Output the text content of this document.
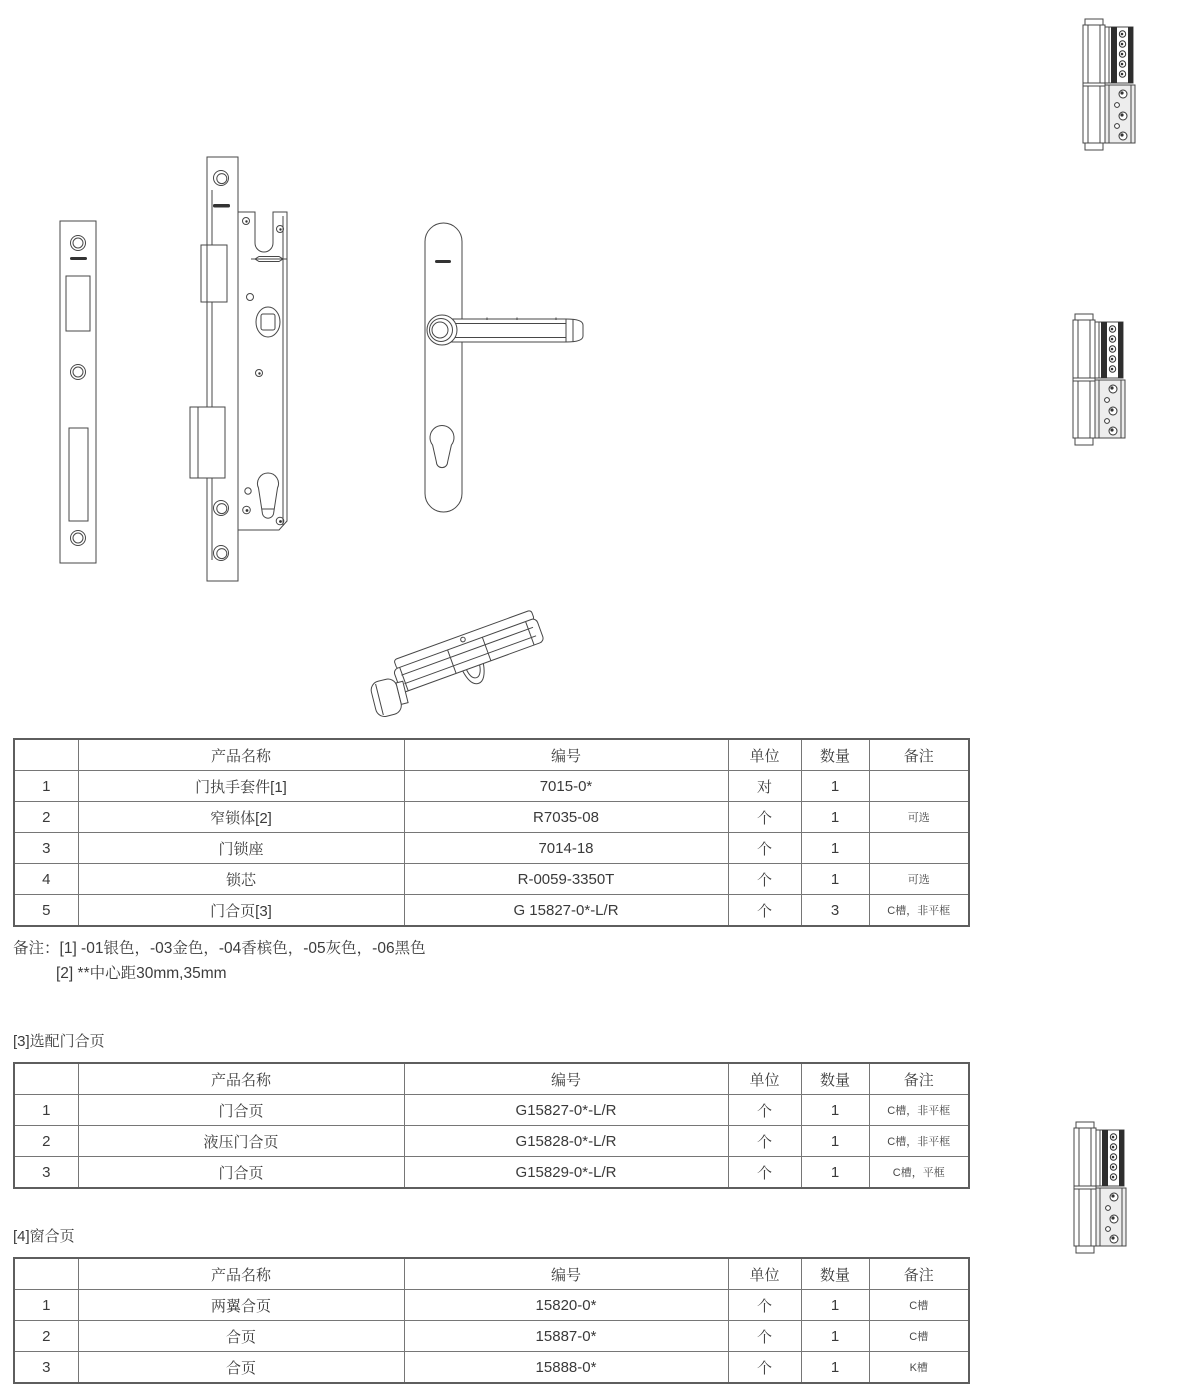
	产品名称	编号	单位	数量	备注
1	门执手套件[1]	7015-0*	对	1	
2	窄锁体[2]	R7035-08	个	1	可选
3	门锁座	7014-18	个	1	
4	锁芯	R-0059-3350T	个	1	可选
5	门合页[3]	G 15827-0*-L/R	个	3	C槽，非平框
备注：[1] -01银色，-03金色，-04香槟色，-05灰色，-06黑色
[2] **中心距30mm,35mm
[3]选配门合页
	产品名称	编号	单位	数量	备注
1	门合页	G15827-0*-L/R	个	1	C槽，非平框
2	液压门合页	G15828-0*-L/R	个	1	C槽，非平框
3	门合页	G15829-0*-L/R	个	1	C槽，平框
[4]窗合页
	产品名称	编号	单位	数量	备注
1	两翼合页	15820-0*	个	1	C槽
2	合页	15887-0*	个	1	C槽
3	合页	15888-0*	个	1	K槽
